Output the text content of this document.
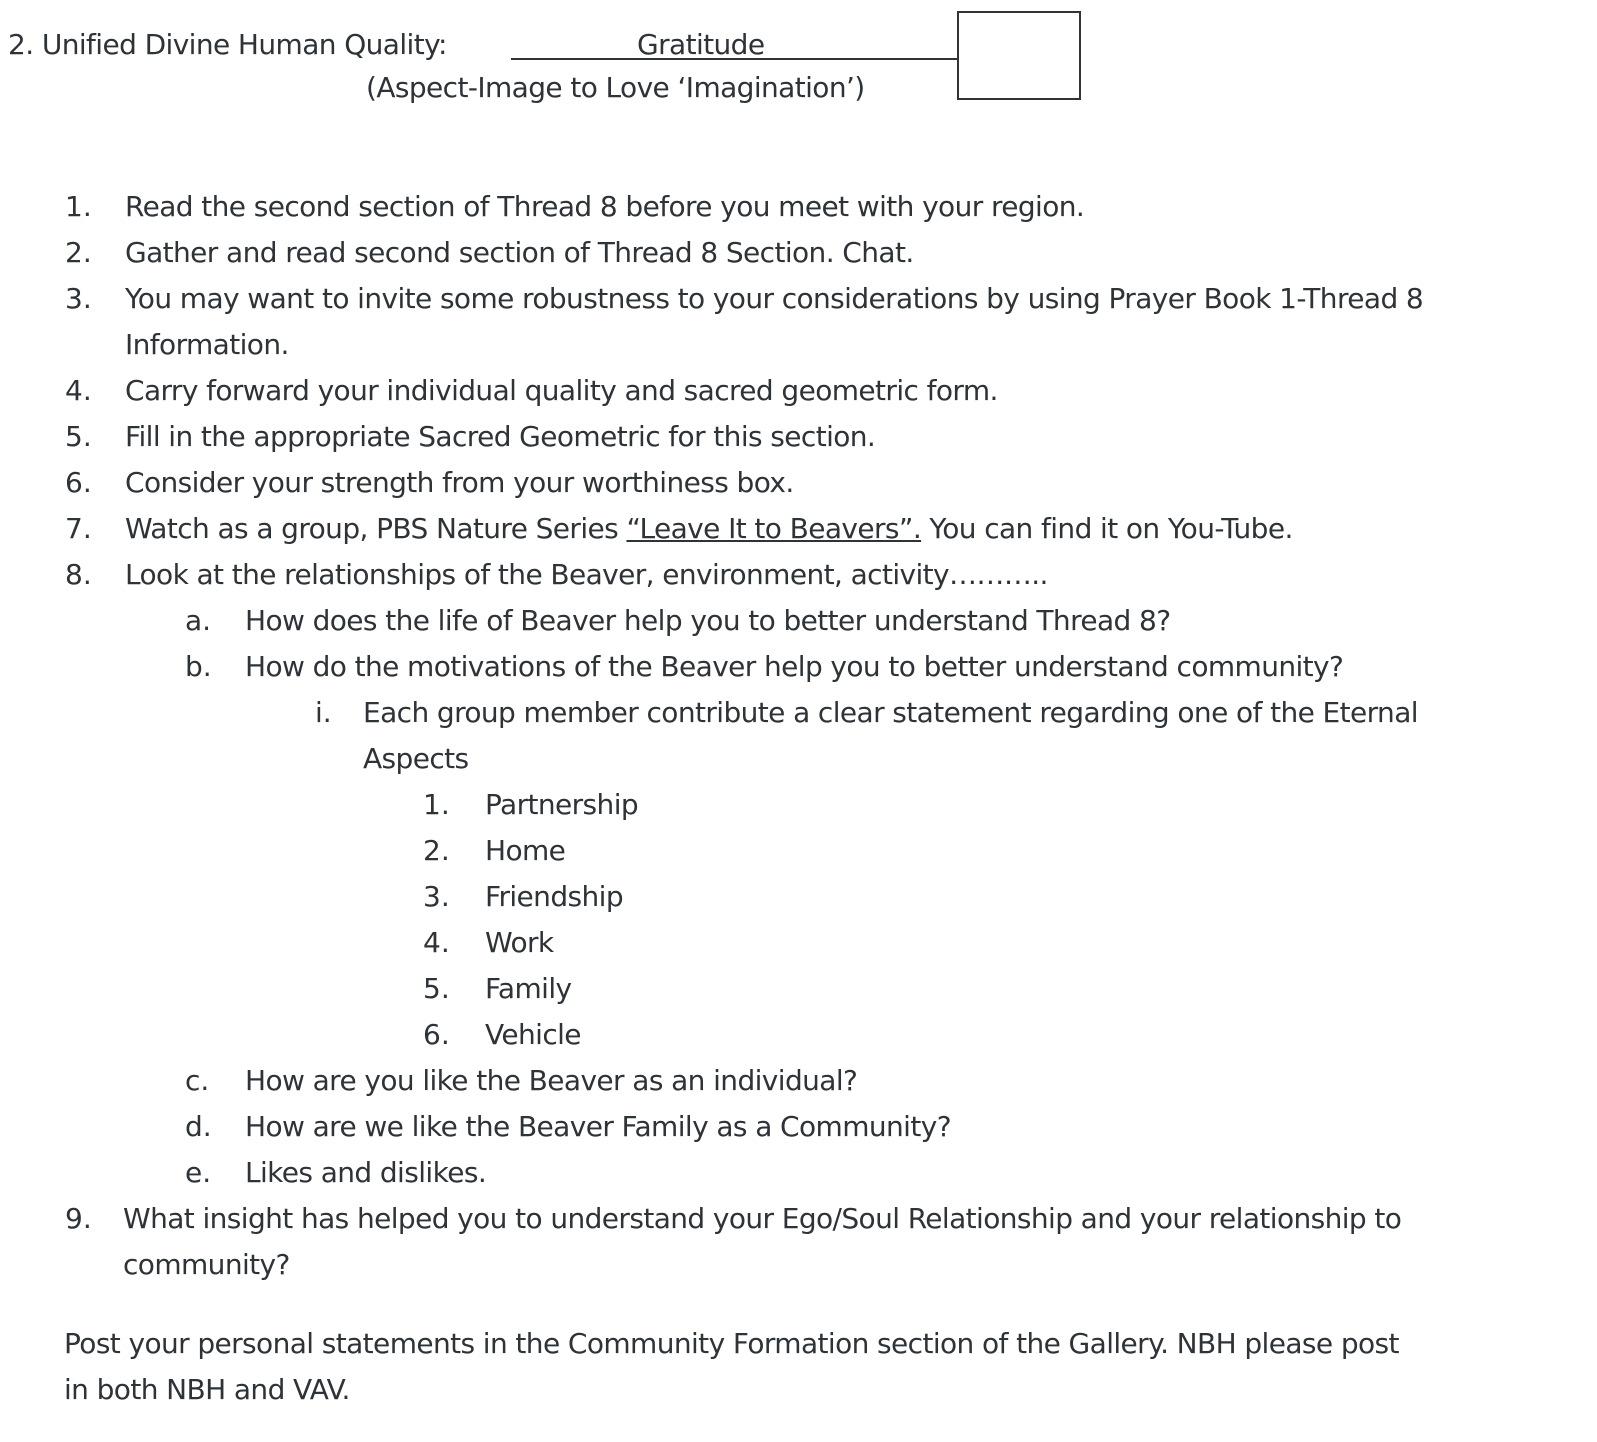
2. Unified Divine Human Quality:	Gratitude
(Aspect-Image to Love ‘Imagination’)
1. Read the second section of Thread 8 before you meet with your region.
2. Gather and read second section of Thread 8 Section. Chat.
3. You may want to invite some robustness to your considerations by using Prayer Book 1-Thread 8
Information.
4. Carry forward your individual quality and sacred geometric form.
5. Fill in the appropriate Sacred Geometric for this section.
6. Consider your strength from your worthiness box.
7. Watch as a group, PBS Nature Series “Leave It to Beavers”. You can find it on You-Tube.
8. Look at the relationships of the Beaver, environment, activity………..
a. How does the life of Beaver help you to better understand Thread 8?
b. How do the motivations of the Beaver help you to better understand community?
i. Each group member contribute a clear statement regarding one of the Eternal
Aspects
1. Partnership
2. Home
3. Friendship
4. Work
5. Family
6. Vehicle
c. How are you like the Beaver as an individual?
d. How are we like the Beaver Family as a Community?
e. Likes and dislikes.
9. What insight has helped you to understand your Ego/Soul Relationship and your relationship to
community?
Post your personal statements in the Community Formation section of the Gallery. NBH please post
in both NBH and VAV.
